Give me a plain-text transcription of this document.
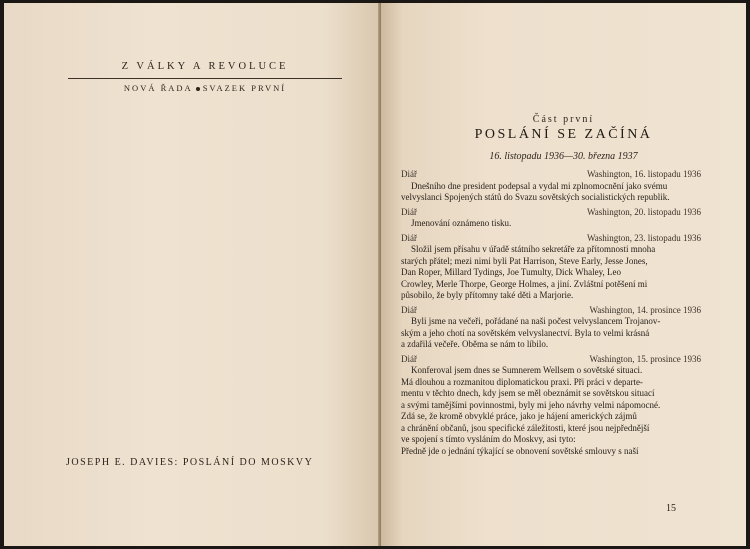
Z VÁLKY A REVOLUCE
NOVÁ ŘADA SVAZEK PRVNÍ
JOSEPH E. DAVIES: POSLÁNÍ DO MOSKVY
Část první
POSLÁNÍ SE ZAČÍNÁ
16. listopadu 1936—30. března 1937
Diář	Washington, 16. listopadu 1936
Dnešního dne president podepsal a vydal mi zplnomocnění jako svému
velvyslanci Spojených států do Svazu sovětských socialistických republik.
Diář	Washington, 20. listopadu 1936
Jmenování oznámeno tisku.
Diář	Washington, 23. listopadu 1936
Složil jsem přísahu v úřadě státního sekretáře za přítomnosti mnoha
starých přátel; mezi nimi byli Pat Harrison, Steve Early, Jesse Jones,
Dan Roper, Millard Tydings, Joe Tumulty, Dick Whaley, Leo
Crowley, Merle Thorpe, George Holmes, a jiní. Zvláštní potěšení mi
působilo, že byly přítomny také děti a Marjorie.
Diář	Washington, 14. prosince 1936
Byli jsme na večeři, pořádané na naši počest velvyslancem Trojanov-
ským a jeho chotí na sovětském velvyslanectví. Byla to velmi krásná
a zdařilá večeře. Oběma se nám to líbilo.
Diář	Washington, 15. prosince 1936
Konferoval jsem dnes se Sumnerem Wellsem o sovětské situaci.
Má dlouhou a rozmanitou diplomatickou praxi. Při práci v departe-
mentu v těchto dnech, kdy jsem se měl obeznámit se sovětskou situací
a svými tamějšími povinnostmi, byly mi jeho návrhy velmi nápomocné.
Zdá se, že kromě obvyklé práce, jako je hájení amerických zájmů
a chránění občanů, jsou specifické záležitosti, které jsou nejpřednější
ve spojení s tímto vysláním do Moskvy, asi tyto:
Předně jde o jednání týkající se obnovení sovětské smlouvy s naší
15
